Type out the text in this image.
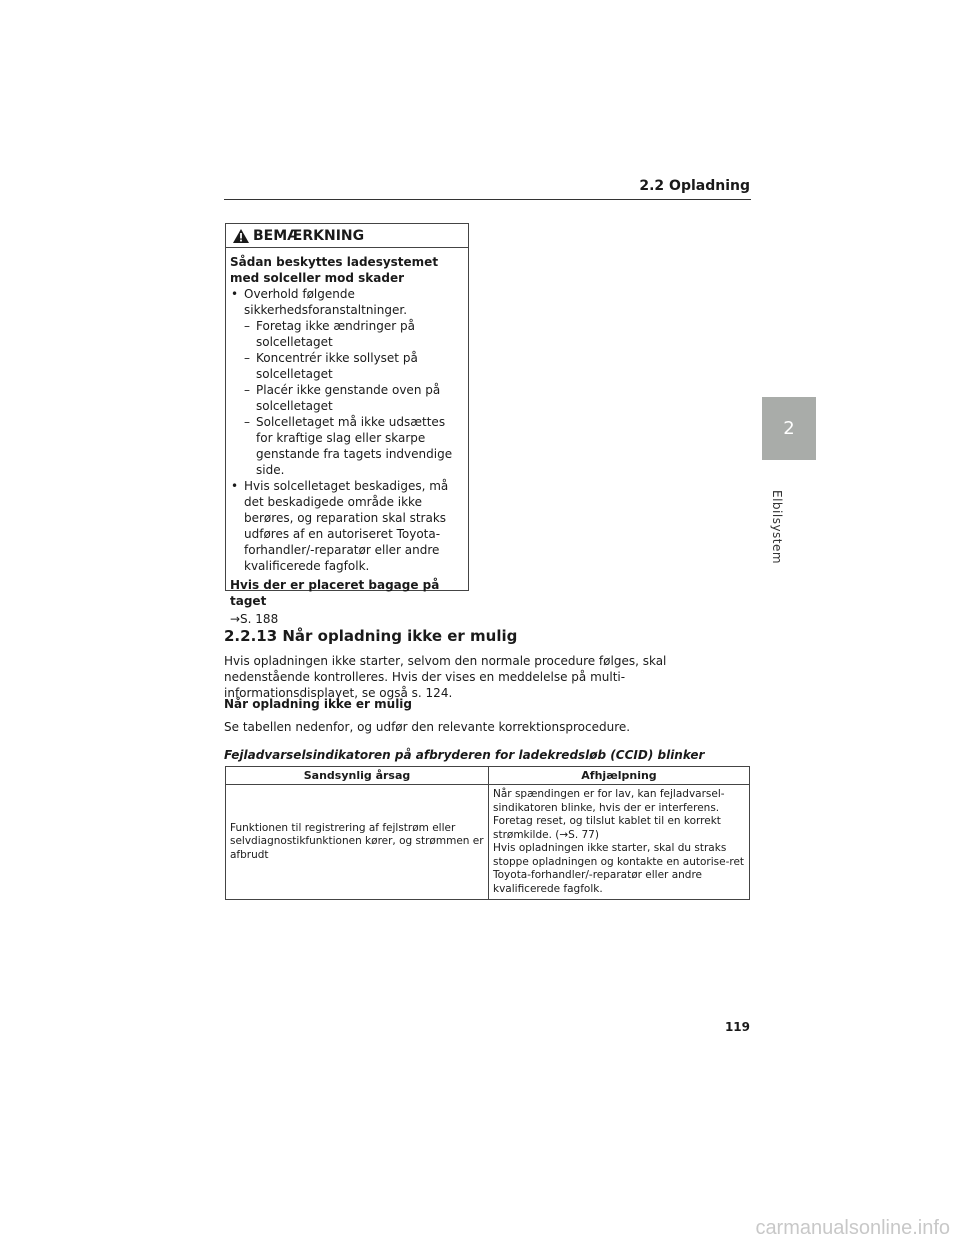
2.2 Opladning
2
Elbilsystem
BEMÆRKNING
Sådan beskyttes ladesystemet med solceller mod skader
• Overhold følgende sikkerhedsforanstaltninger.
– Foretag ikke ændringer på solcelletaget
– Koncentrér ikke sollyset på solcelletaget
– Placér ikke genstande oven på solcelletaget
– Solcelletaget må ikke udsættes for kraftige slag eller skarpe genstande fra tagets indvendige side.
• Hvis solcelletaget beskadiges, må det beskadigede område ikke berøres, og reparation skal straks udføres af en autoriseret Toyota-forhandler/-reparatør eller andre kvalificerede fagfolk.
Hvis der er placeret bagage på taget
→S. 188
2.2.13 Når opladning ikke er mulig
Hvis opladningen ikke starter, selvom den normale procedure følges, skal nedenstående kontrolleres. Hvis der vises en meddelelse på multi-informationsdisplayet, se også s. 124.
Når opladning ikke er mulig
Se tabellen nedenfor, og udfør den relevante korrektionsprocedure.
Fejladvarselsindikatoren på afbryderen for ladekredsløb (CCID) blinker
Sandsynlig årsag	Afhjælpning
Funktionen til registrering af fejlstrøm eller selvdiagnostikfunktionen kører, og strømmen er afbrudt	Når spændingen er for lav, kan fejladvarsel-sindikatoren blinke, hvis der er interferens.
Foretag reset, og tilslut kablet til en korrekt strømkilde. (→S. 77)
Hvis opladningen ikke starter, skal du straks stoppe opladningen og kontakte en autorise-ret Toyota-forhandler/-reparatør eller andre kvalificerede fagfolk.
119
carmanualsonline.info
